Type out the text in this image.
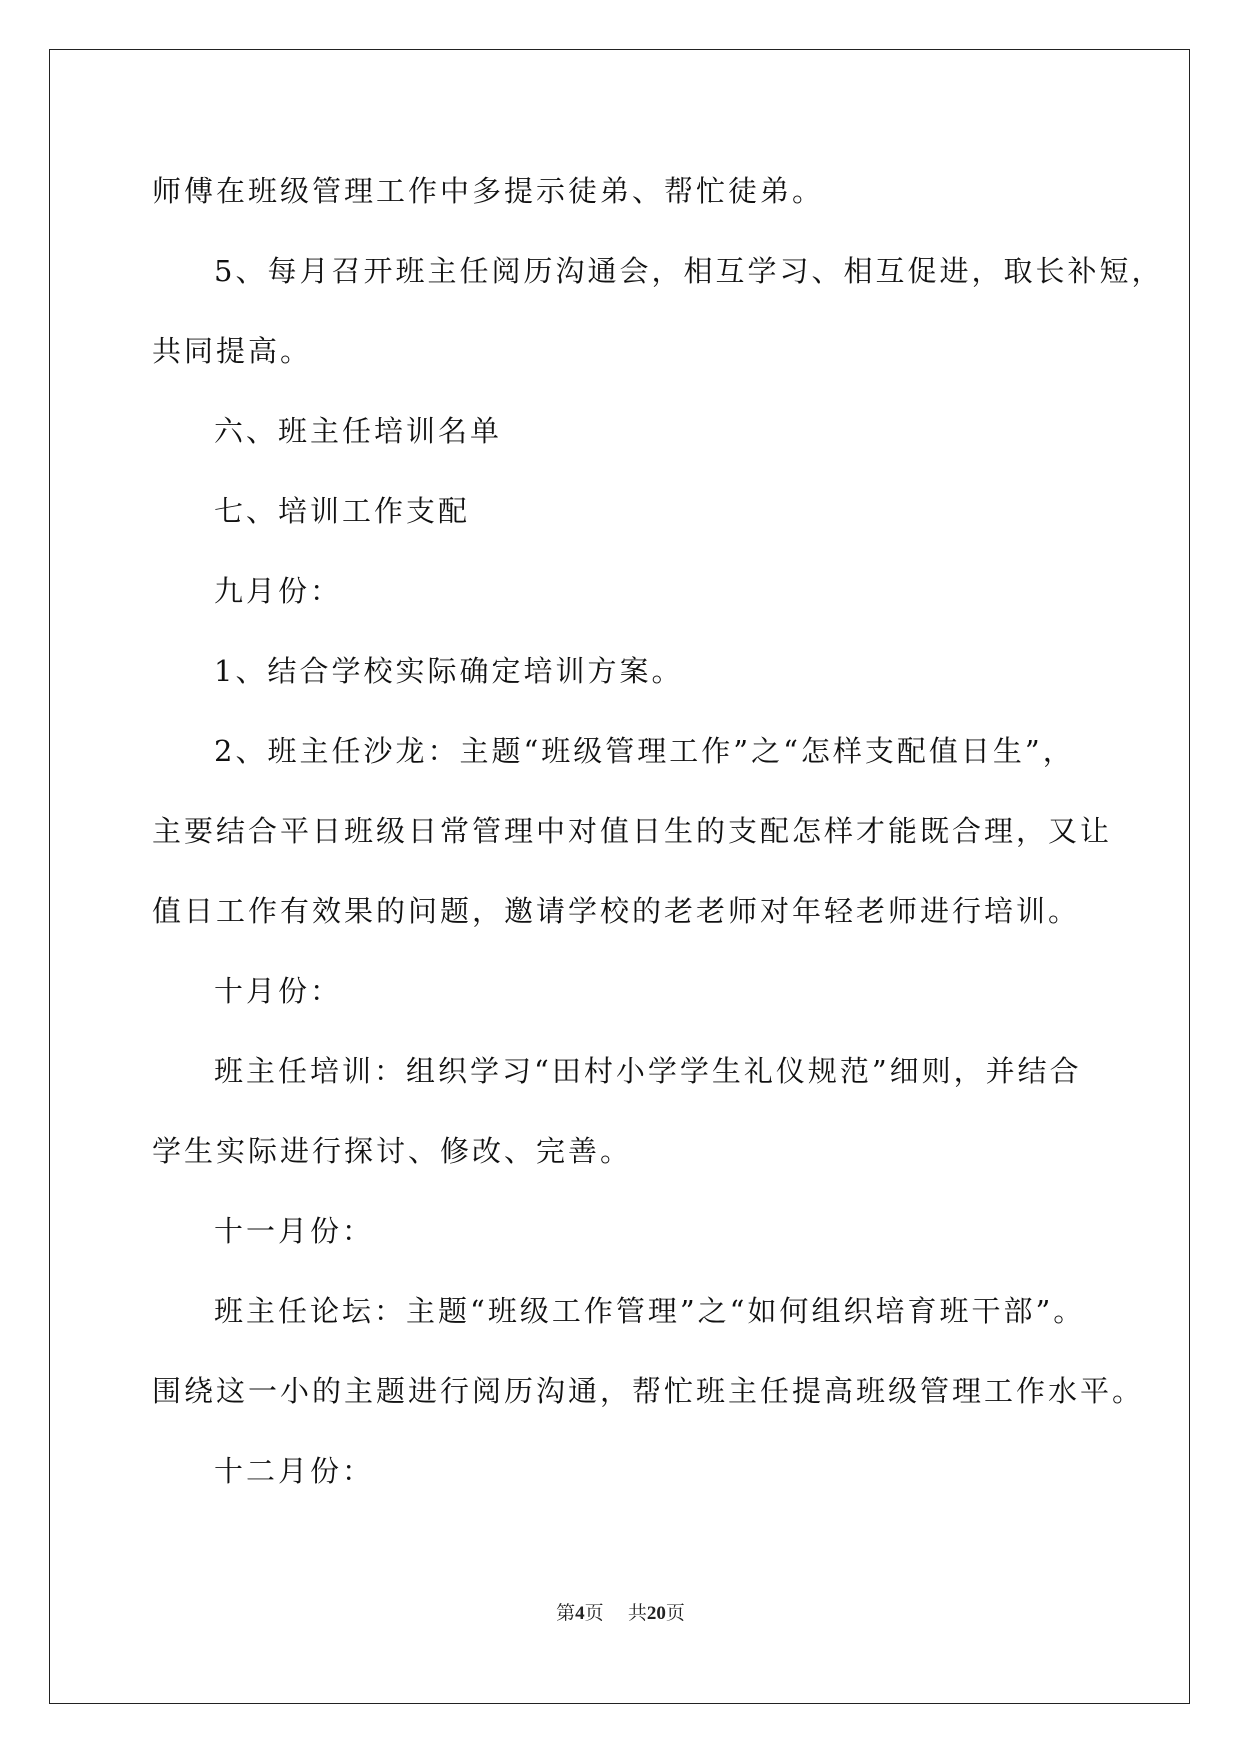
师傅在班级管理工作中多提示徒弟、帮忙徒弟。
5、每月召开班主任阅历沟通会，相互学习、相互促进，取长补短，
共同提高。
六、班主任培训名单
七、培训工作支配
九月份：
1、结合学校实际确定培训方案。
2、班主任沙龙：主题“班级管理工作”之“怎样支配值日生”，
主要结合平日班级日常管理中对值日生的支配怎样才能既合理，又让
值日工作有效果的问题，邀请学校的老老师对年轻老师进行培训。
十月份：
班主任培训：组织学习“田村小学学生礼仪规范”细则，并结合
学生实际进行探讨、修改、完善。
十一月份：
班主任论坛：主题“班级工作管理”之“如何组织培育班干部”。
围绕这一小的主题进行阅历沟通，帮忙班主任提高班级管理工作水平。
十二月份：
第4页 共20页
